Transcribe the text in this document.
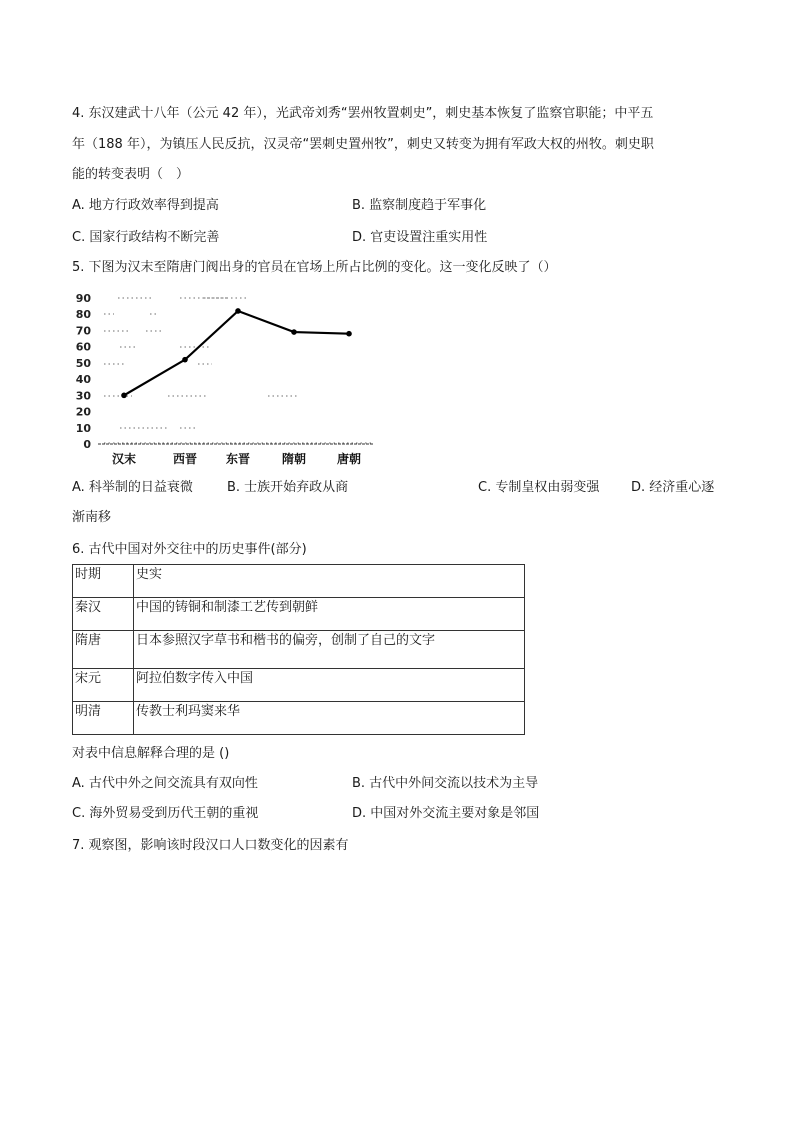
4. 东汉建武十八年（公元 42 年），光武帝刘秀“罢州牧置刺史”，刺史基本恢复了监察官职能；中平五
年（188 年），为镇压人民反抗，汉灵帝“罢刺史置州牧”，刺史又转变为拥有军政大权的州牧。刺史职
能的转变表明（　）
A. 地方行政效率得到提高	B. 监察制度趋于军事化
C. 国家行政结构不断完善	D. 官吏设置注重实用性
5. 下图为汉末至隋唐门阀出身的官员在官场上所占比例的变化。这一变化反映了（）
0
10
20
30
40
50
60
70
80
90
汉末	西晋 东晋	隋朝	唐朝
A. 科举制的日益衰微	B. 士族开始弃政从商	C. 专制皇权由弱变强 D. 经济重心逐
渐南移
6. 古代中国对外交往中的历史事件(部分)
时期	史实
秦汉	中国的铸铜和制漆工艺传到朝鲜
隋唐	日本参照汉字草书和楷书的偏旁，创制了自己的文字
宋元	阿拉伯数字传入中国
明清	传教士利玛窦来华
对表中信息解释合理的是 ()
A. 古代中外之间交流具有双向性	B. 古代中外间交流以技术为主导
C. 海外贸易受到历代王朝的重视	D. 中国对外交流主要对象是邻国
7. 观察图，影响该时段汉口人口数变化的因素有
